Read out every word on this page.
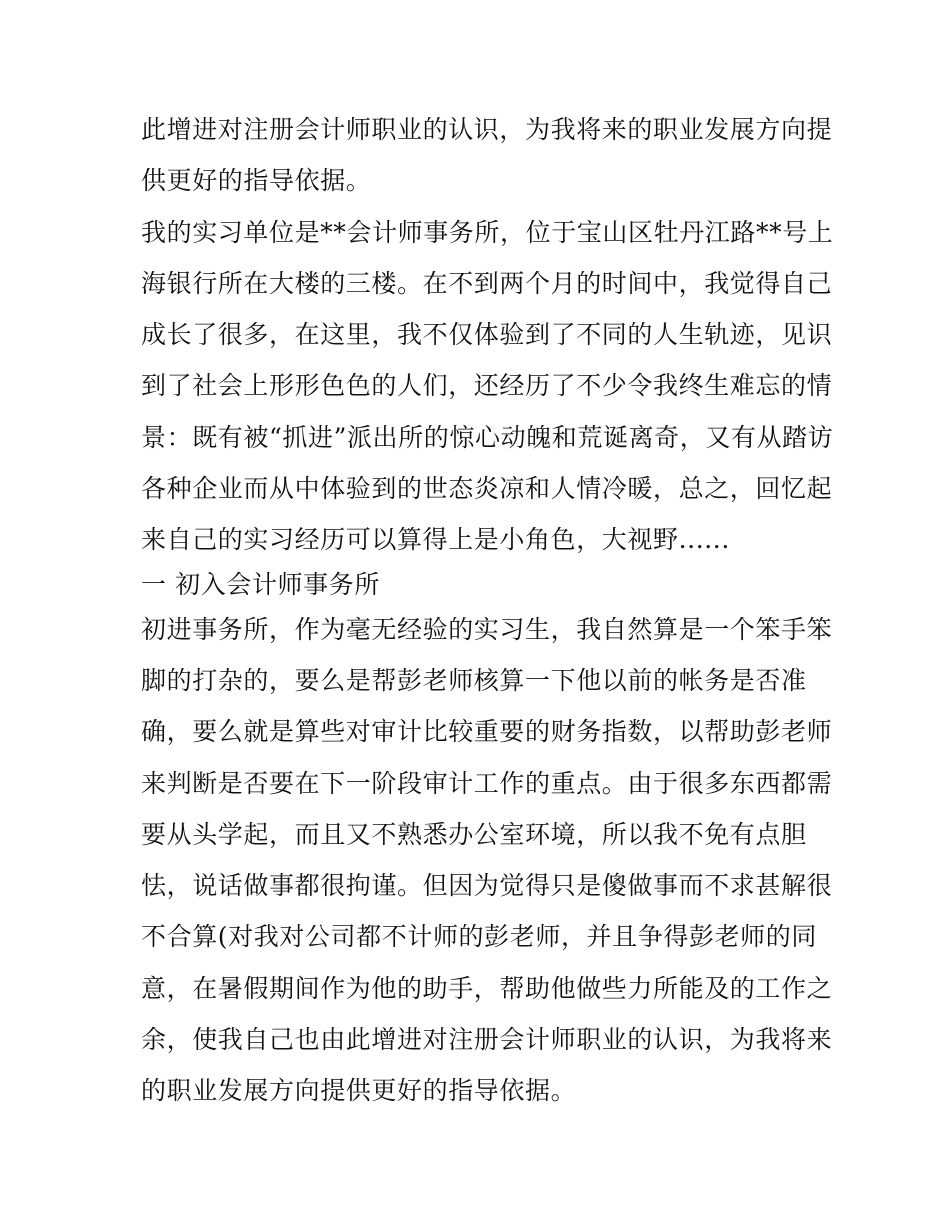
此增进对注册会计师职业的认识，为我将来的职业发展方向提
供更好的指导依据。
我的实习单位是**会计师事务所，位于宝山区牡丹江路**号上
海银行所在大楼的三楼。在不到两个月的时间中，我觉得自己
成长了很多，在这里，我不仅体验到了不同的人生轨迹，见识
到了社会上形形色色的人们，还经历了不少令我终生难忘的情
景：既有被“抓进”派出所的惊心动魄和荒诞离奇，又有从踏访
各种企业而从中体验到的世态炎凉和人情冷暖，总之，回忆起
来自己的实习经历可以算得上是小角色，大视野......
一 初入会计师事务所
初进事务所，作为毫无经验的实习生，我自然算是一个笨手笨
脚的打杂的，要么是帮彭老师核算一下他以前的帐务是否准
确，要么就是算些对审计比较重要的财务指数，以帮助彭老师
来判断是否要在下一阶段审计工作的重点。由于很多东西都需
要从头学起，而且又不熟悉办公室环境，所以我不免有点胆
怯，说话做事都很拘谨。但因为觉得只是傻做事而不求甚解很
不合算(对我对公司都不计师的彭老师，并且争得彭老师的同
意，在暑假期间作为他的助手，帮助他做些力所能及的工作之
余，使我自己也由此增进对注册会计师职业的认识，为我将来
的职业发展方向提供更好的指导依据。
